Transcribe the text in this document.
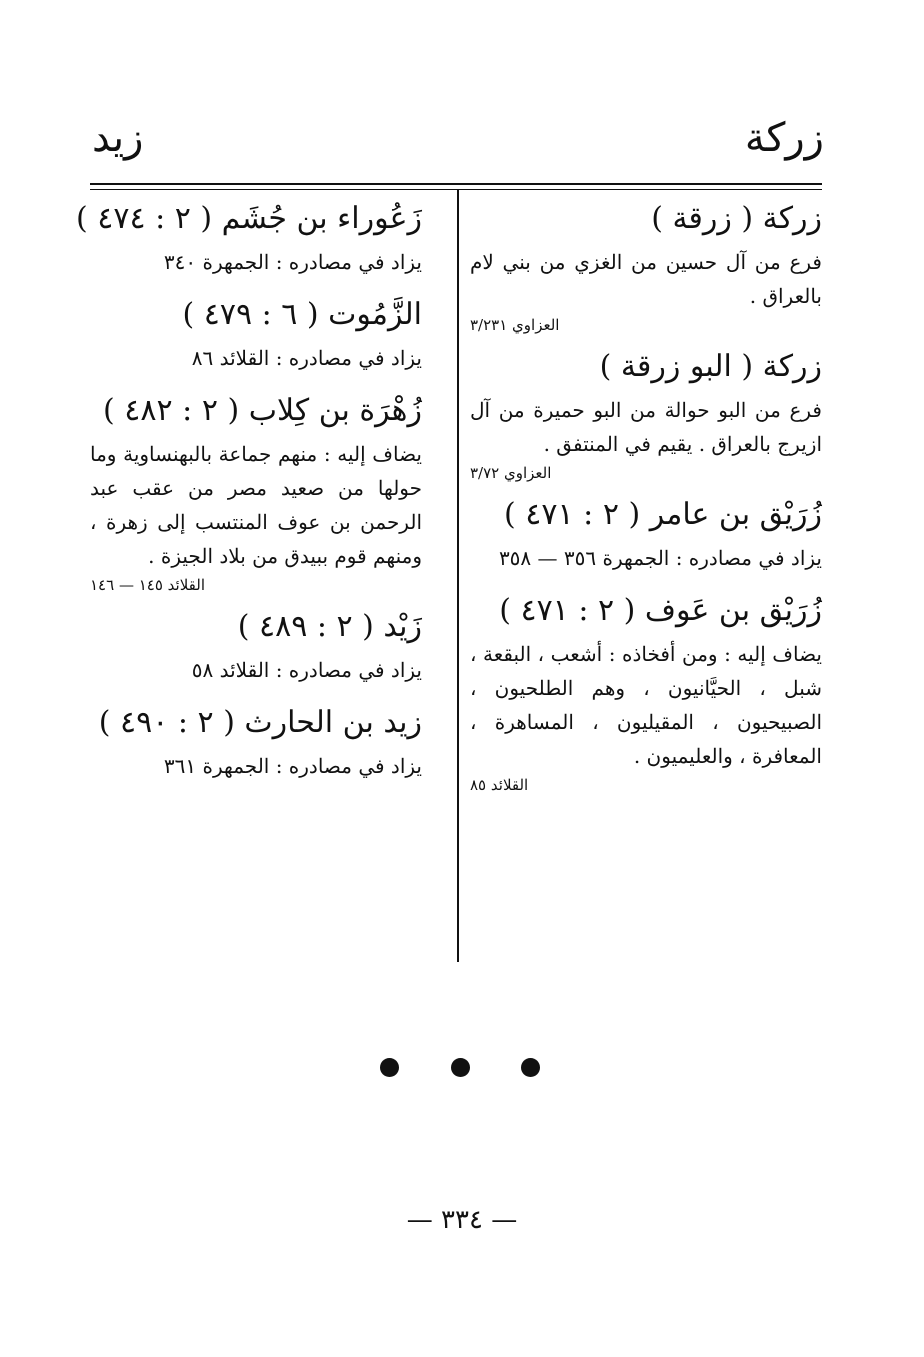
زركة
زيد

زركة ( زرقة )

فرع من آل حسين من الغزي من بني لام بالعراق .

العزاوي ٣/٢٣١

زركة ( البو زرقة )

فرع من البو حوالة من البو حميرة من آل ازيرج بالعراق . يقيم في المنتفق .

العزاوي ٣/٧٢

زُرَيْق بن عامر ( ٢ : ٤٧١ )

يزاد في مصادره : الجمهرة ٣٥٦ — ٣٥٨

زُرَيْق بن عَوف ( ٢ : ٤٧١ )

يضاف إليه : ومن أفخاذه : أشعب ، البقعة ، شبل ، الحيَّانيون ، وهم الطلحيون ، الصبيحيون ، المقيليون ، المساهرة ، المعافرة ، والعليميون .

القلائد ٨٥

زَعُوراء بن جُشَم ( ٢ : ٤٧٤ )

يزاد في مصادره : الجمهرة ٣٤٠

الزَّمُوت ( ٦ : ٤٧٩ )

يزاد في مصادره : القلائد ٨٦

زُهْرَة بن كِلاب ( ٢ : ٤٨٢ )

يضاف إليه : منهم جماعة بالبهنساوية وما حولها من صعيد مصر من عقب عبد الرحمن بن عوف المنتسب إلى زهرة ، ومنهم قوم ببيدق من بلاد الجيزة .

القلائد ١٤٥ — ١٤٦

زَيْد ( ٢ : ٤٨٩ )

يزاد في مصادره : القلائد ٥٨

زيد بن الحارث ( ٢ : ٤٩٠ )

يزاد في مصادره : الجمهرة ٣٦١

— ٣٣٤ —
